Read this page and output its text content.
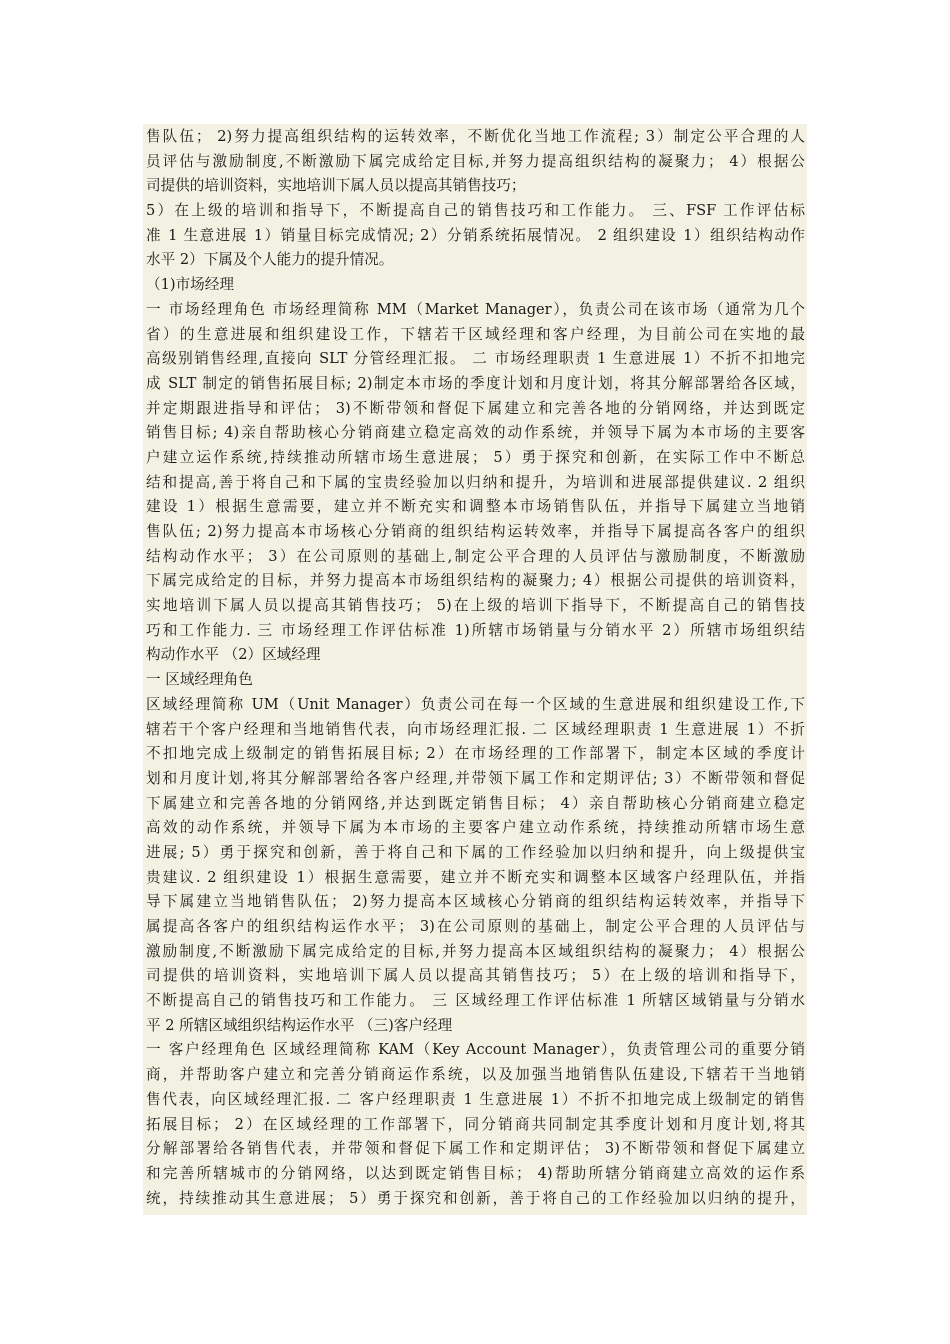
售队伍； 2)努力提高组织结构的运转效率，不断优化当地工作流程; 3）制定公平合理的人
员评估与激励制度,不断激励下属完成给定目标,并努力提高组织结构的凝聚力； 4）根据公
司提供的培训资料，实地培训下属人员以提高其销售技巧；
5）在上级的培训和指导下，不断提高自己的销售技巧和工作能力。 三、FSF 工作评估标
准 1 生意进展 1）销量目标完成情况; 2）分销系统拓展情况。 2 组织建设 1）组织结构动作
水平 2）下属及个人能力的提升情况。
（1)市场经理
一 市场经理角色 市场经理简称 MM（Market Manager），负责公司在该市场（通常为几个
省）的生意进展和组织建设工作，下辖若干区域经理和客户经理，为目前公司在实地的最
高级别销售经理,直接向 SLT 分管经理汇报。 二 市场经理职责 1 生意进展 1）不折不扣地完
成 SLT 制定的销售拓展目标; 2)制定本市场的季度计划和月度计划，将其分解部署给各区域，
并定期跟进指导和评估； 3)不断带领和督促下属建立和完善各地的分销网络，并达到既定
销售目标; 4)亲自帮助核心分销商建立稳定高效的动作系统，并领导下属为本市场的主要客
户建立运作系统,持续推动所辖市场生意进展； 5）勇于探究和创新，在实际工作中不断总
结和提高,善于将自己和下属的宝贵经验加以归纳和提升，为培训和进展部提供建议. 2 组织
建设 1）根据生意需要，建立并不断充实和调整本市场销售队伍，并指导下属建立当地销
售队伍; 2)努力提高本市场核心分销商的组织结构运转效率，并指导下属提高各客户的组织
结构动作水平； 3）在公司原则的基础上,制定公平合理的人员评估与激励制度，不断激励
下属完成给定的目标，并努力提高本市场组织结构的凝聚力; 4）根据公司提供的培训资料，
实地培训下属人员以提高其销售技巧； 5)在上级的培训下指导下，不断提高自己的销售技
巧和工作能力. 三 市场经理工作评估标准 1)所辖市场销量与分销水平 2）所辖市场组织结
构动作水平 （2）区域经理
一 区域经理角色
区域经理简称 UM（Unit Manager）负责公司在每一个区域的生意进展和组织建设工作,下
辖若干个客户经理和当地销售代表，向市场经理汇报. 二 区域经理职责 1 生意进展 1）不折
不扣地完成上级制定的销售拓展目标; 2）在市场经理的工作部署下，制定本区域的季度计
划和月度计划,将其分解部署给各客户经理,并带领下属工作和定期评估; 3）不断带领和督促
下属建立和完善各地的分销网络,并达到既定销售目标； 4）亲自帮助核心分销商建立稳定
高效的动作系统，并领导下属为本市场的主要客户建立动作系统，持续推动所辖市场生意
进展; 5）勇于探究和创新，善于将自己和下属的工作经验加以归纳和提升，向上级提供宝
贵建议. 2 组织建设 1）根据生意需要，建立并不断充实和调整本区域客户经理队伍，并指
导下属建立当地销售队伍； 2)努力提高本区域核心分销商的组织结构运转效率，并指导下
属提高各客户的组织结构运作水平； 3)在公司原则的基础上，制定公平合理的人员评估与
激励制度,不断激励下属完成给定的目标,并努力提高本区域组织结构的凝聚力； 4）根据公
司提供的培训资料，实地培训下属人员以提高其销售技巧； 5）在上级的培训和指导下，
不断提高自己的销售技巧和工作能力。 三 区域经理工作评估标准 1 所辖区域销量与分销水
平 2 所辖区域组织结构运作水平 （三)客户经理
一 客户经理角色 区域经理简称 KAM（Key Account Manager），负责管理公司的重要分销
商，并帮助客户建立和完善分销商运作系统，以及加强当地销售队伍建设,下辖若干当地销
售代表，向区域经理汇报. 二 客户经理职责 1 生意进展 1）不折不扣地完成上级制定的销售
拓展目标； 2）在区域经理的工作部署下，同分销商共同制定其季度计划和月度计划,将其
分解部署给各销售代表，并带领和督促下属工作和定期评估； 3)不断带领和督促下属建立
和完善所辖城市的分销网络，以达到既定销售目标； 4)帮助所辖分销商建立高效的运作系
统，持续推动其生意进展； 5）勇于探究和创新，善于将自己的工作经验加以归纳的提升，
